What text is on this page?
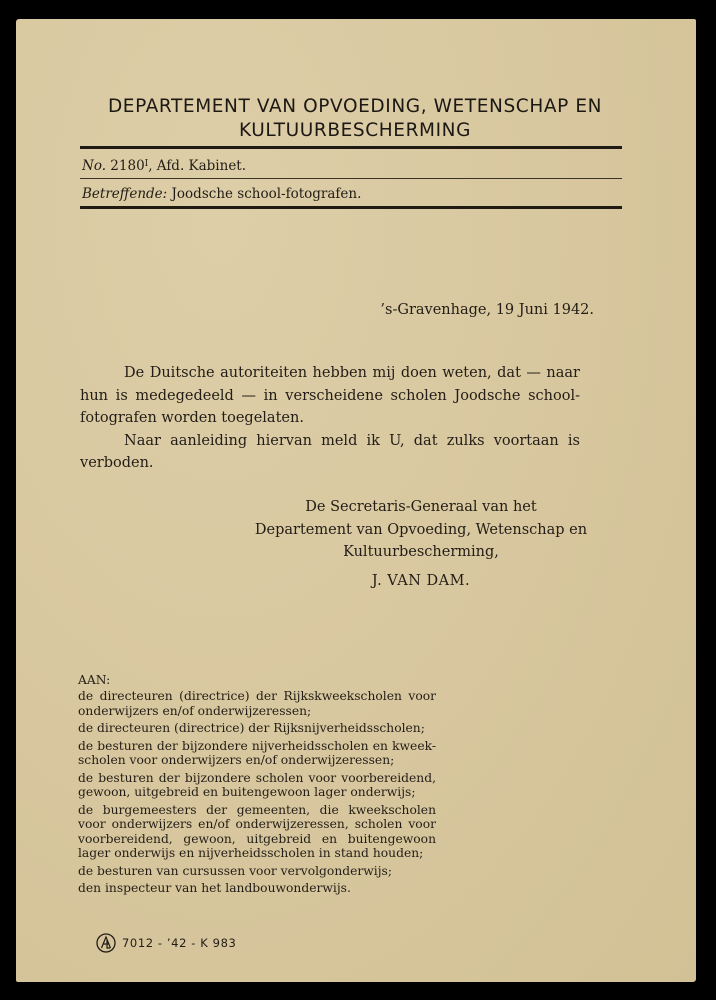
DEPARTEMENT VAN OPVOEDING, WETENSCHAP EN
KULTUURBESCHERMING
No. $2180^I$, Afd. Kabinet.
Betreffende: Joodsche school-fotografen.
’s-Gravenhage, 19 Juni 1942.

De Duitsche autoriteiten hebben mij doen weten, dat — naar hun is medegedeeld — in verscheidene scholen Joodsche school-fotografen worden toegelaten.

Naar aanleiding hiervan meld ik U, dat zulks voortaan is verboden.

De Secretaris-Generaal van het
Departement van Opvoeding, Wetenschap en
Kultuurbescherming,
J. VAN DAM.
AAN:
de directeuren (directrice) der Rijkskweekscholen voor onderwijzers en/of onderwijzeressen;
de directeuren (directrice) der Rijksnijverheidsscholen;
de besturen der bijzondere nijverheidsscholen en kweek-scholen voor onderwijzers en/of onderwijzeressen;
de besturen der bijzondere scholen voor voorbereidend, gewoon, uitgebreid en buitengewoon lager onderwijs;
de burgemeesters der gemeenten, die kweekscholen voor onderwijzers en/of onderwijzeressen, scholen voor voorbereidend, gewoon, uitgebreid en buitengewoon lager onderwijs en nijverheidsscholen in stand houden;
de besturen van cursussen voor vervolgonderwijs;
den inspecteur van het landbouwonderwijs.
7012 - ’42 - K 983
